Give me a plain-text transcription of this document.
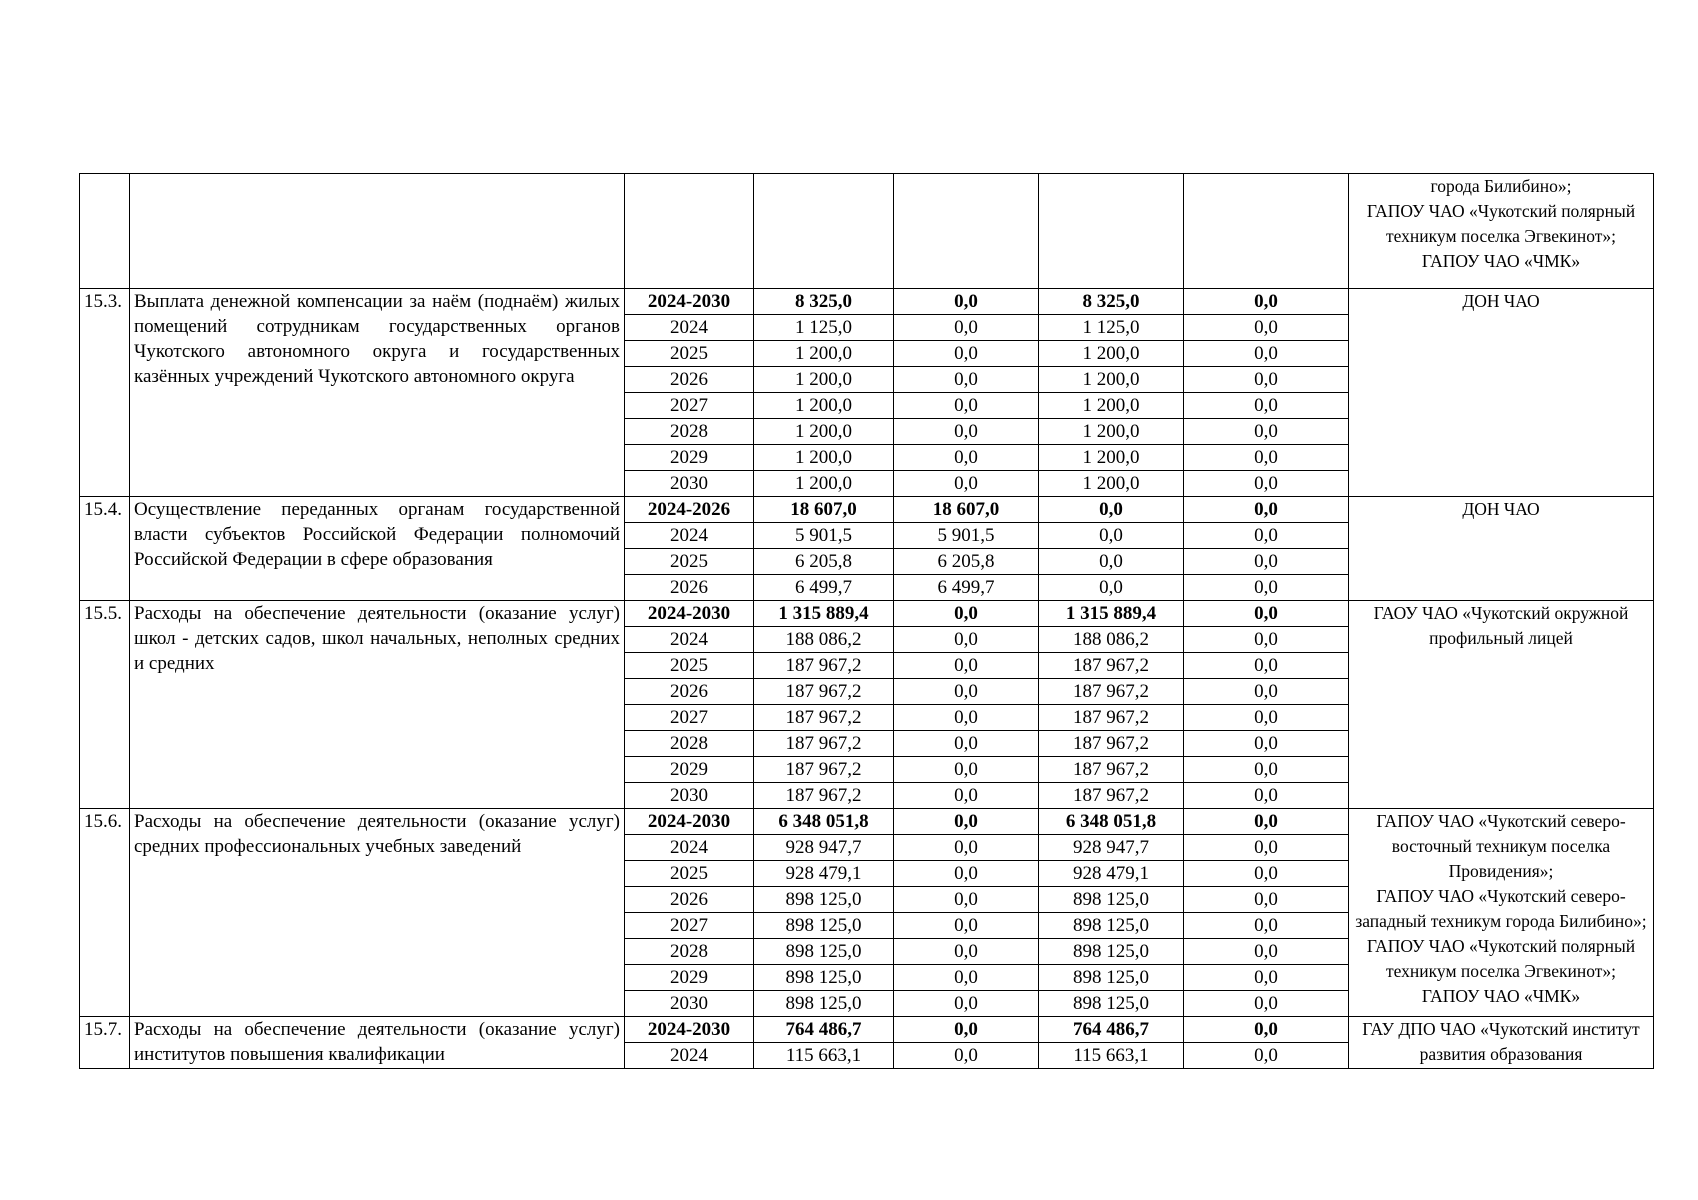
							города Билибино»;
ГАПОУ ЧАО «Чукотский полярный техникум поселка Эгвекинот»;
ГАПОУ ЧАО «ЧМК»
15.3.	Выплата денежной компенсации за наём (поднаём) жилых помещений сотрудникам государственных органов Чукотского автономного округа и государственных казённых учреждений Чукотского автономного округа	2024-2030	8 325,0	0,0	8 325,0	0,0	ДОН ЧАО
		2024	1 125,0	0,0	1 125,0	0,0	
		2025	1 200,0	0,0	1 200,0	0,0	
		2026	1 200,0	0,0	1 200,0	0,0	
		2027	1 200,0	0,0	1 200,0	0,0	
		2028	1 200,0	0,0	1 200,0	0,0	
		2029	1 200,0	0,0	1 200,0	0,0	
		2030	1 200,0	0,0	1 200,0	0,0	
15.4.	Осуществление переданных органам государственной власти субъектов Российской Федерации полномочий Российской Федерации в сфере образования	2024-2026	18 607,0	18 607,0	0,0	0,0	ДОН ЧАО
		2024	5 901,5	5 901,5	0,0	0,0	
		2025	6 205,8	6 205,8	0,0	0,0	
		2026	6 499,7	6 499,7	0,0	0,0	
15.5.	Расходы на обеспечение деятельности (оказание услуг) школ - детских садов, школ начальных, неполных средних и средних	2024-2030	1 315 889,4	0,0	1 315 889,4	0,0	ГАОУ ЧАО «Чукотский окружной профильный лицей
		2024	188 086,2	0,0	188 086,2	0,0	
		2025	187 967,2	0,0	187 967,2	0,0	
		2026	187 967,2	0,0	187 967,2	0,0	
		2027	187 967,2	0,0	187 967,2	0,0	
		2028	187 967,2	0,0	187 967,2	0,0	
		2029	187 967,2	0,0	187 967,2	0,0	
		2030	187 967,2	0,0	187 967,2	0,0	
15.6.	Расходы на обеспечение деятельности (оказание услуг) средних профессиональных учебных заведений	2024-2030	6 348 051,8	0,0	6 348 051,8	0,0	ГАПОУ ЧАО «Чукотский северо-восточный техникум поселка Провидения»;
ГАПОУ ЧАО «Чукотский северо-западный техникум города Билибино»;
ГАПОУ ЧАО «Чукотский полярный техникум поселка Эгвекинот»;
ГАПОУ ЧАО «ЧМК»
		2024	928 947,7	0,0	928 947,7	0,0	
		2025	928 479,1	0,0	928 479,1	0,0	
		2026	898 125,0	0,0	898 125,0	0,0	
		2027	898 125,0	0,0	898 125,0	0,0	
		2028	898 125,0	0,0	898 125,0	0,0	
		2029	898 125,0	0,0	898 125,0	0,0	
		2030	898 125,0	0,0	898 125,0	0,0	
15.7.	Расходы на обеспечение деятельности (оказание услуг) институтов повышения квалификации	2024-2030	764 486,7	0,0	764 486,7	0,0	ГАУ ДПО ЧАО «Чукотский институт развития образования
		2024	115 663,1	0,0	115 663,1	0,0	
